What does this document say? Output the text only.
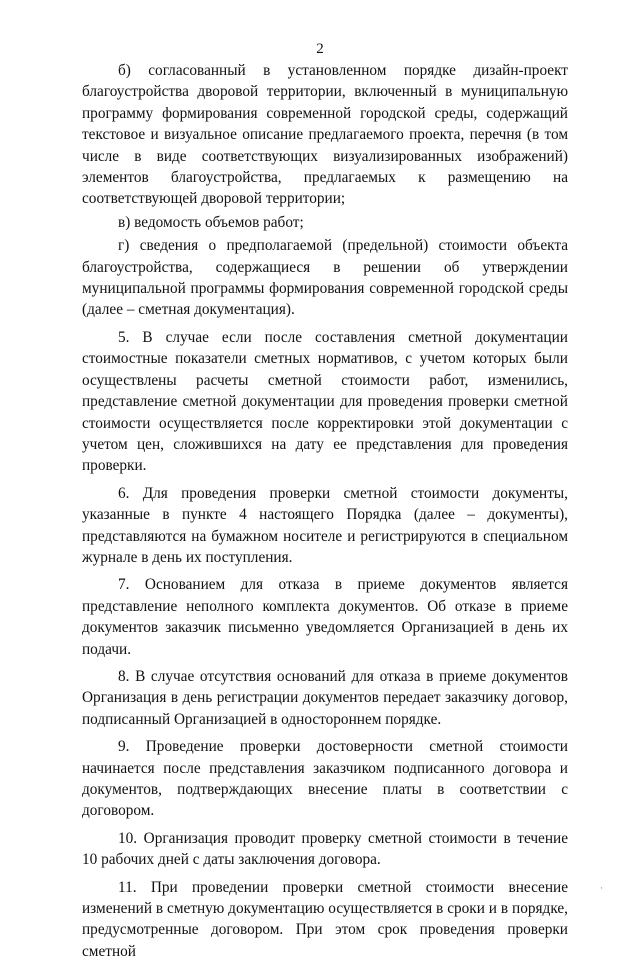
2

б) согласованный в установленном порядке дизайн-проект благоустройства дворовой территории, включенный в муниципальную программу формирования современной городской среды, содержащий текстовое и визуальное описание предлагаемого проекта, перечня (в том числе в виде соответствующих визуализированных изображений) элементов благоустройства, предлагаемых к размещению на соответствующей дворовой территории;

в) ведомость объемов работ;

г) сведения о предполагаемой (предельной) стоимости объекта благоустройства, содержащиеся в решении об утверждении муниципальной программы формирования современной городской среды (далее – сметная документация).

5. В случае если после составления сметной документации стоимостные показатели сметных нормативов, с учетом которых были осуществлены расчеты сметной стоимости работ, изменились, представление сметной документации для проведения проверки сметной стоимости осуществляется после корректировки этой документации с учетом цен, сложившихся на дату ее представления для проведения проверки.

6. Для проведения проверки сметной стоимости документы, указанные в пункте 4 настоящего Порядка (далее – документы), представляются на бумажном носителе и регистрируются в специальном журнале в день их поступления.

7. Основанием для отказа в приеме документов является представление неполного комплекта документов. Об отказе в приеме документов заказчик письменно уведомляется Организацией в день их подачи.

8. В случае отсутствия оснований для отказа в приеме документов Организация в день регистрации документов передает заказчику договор, подписанный Организацией в одностороннем порядке.

9. Проведение проверки достоверности сметной стоимости начинается после представления заказчиком подписанного договора и документов, подтверждающих внесение платы в соответствии с договором.

10. Организация проводит проверку сметной стоимости в течение 10 рабочих дней с даты заключения договора.

11. При проведении проверки сметной стоимости внесение изменений в сметную документацию осуществляется в сроки и в порядке, предусмотренные договором. При этом срок проведения проверки сметной

·
